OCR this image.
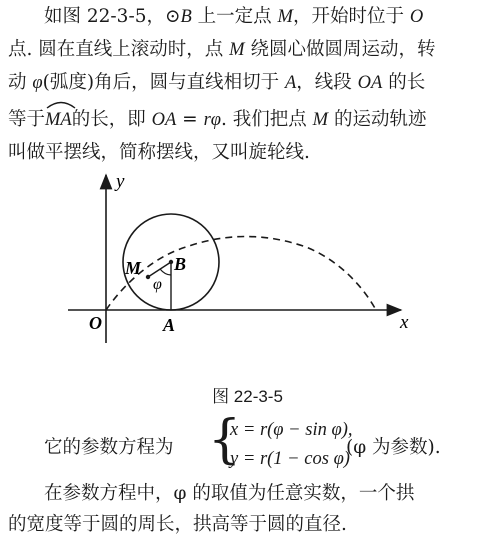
如图 22-3-5，⊙B 上一定点 M，开始时位于 O
点. 圆在直线上滚动时，点 M 绕圆心做圆周运动，转
动 φ(弧度)角后，圆与直线相切于 A，线段 OA 的长
等于
MA的长，即 OA = rφ. 我们把点 M 的运动轨迹
叫做平摆线，简称摆线，又叫旋轮线.
y
x
O	A
B
M
φ
图 22-3-5
它的参数方程为 {
x = r(φ − sin φ),
y = r(1 − cos φ)
(φ 为参数).
在参数方程中，φ 的取值为任意实数，一个拱
的宽度等于圆的周长，拱高等于圆的直径.
